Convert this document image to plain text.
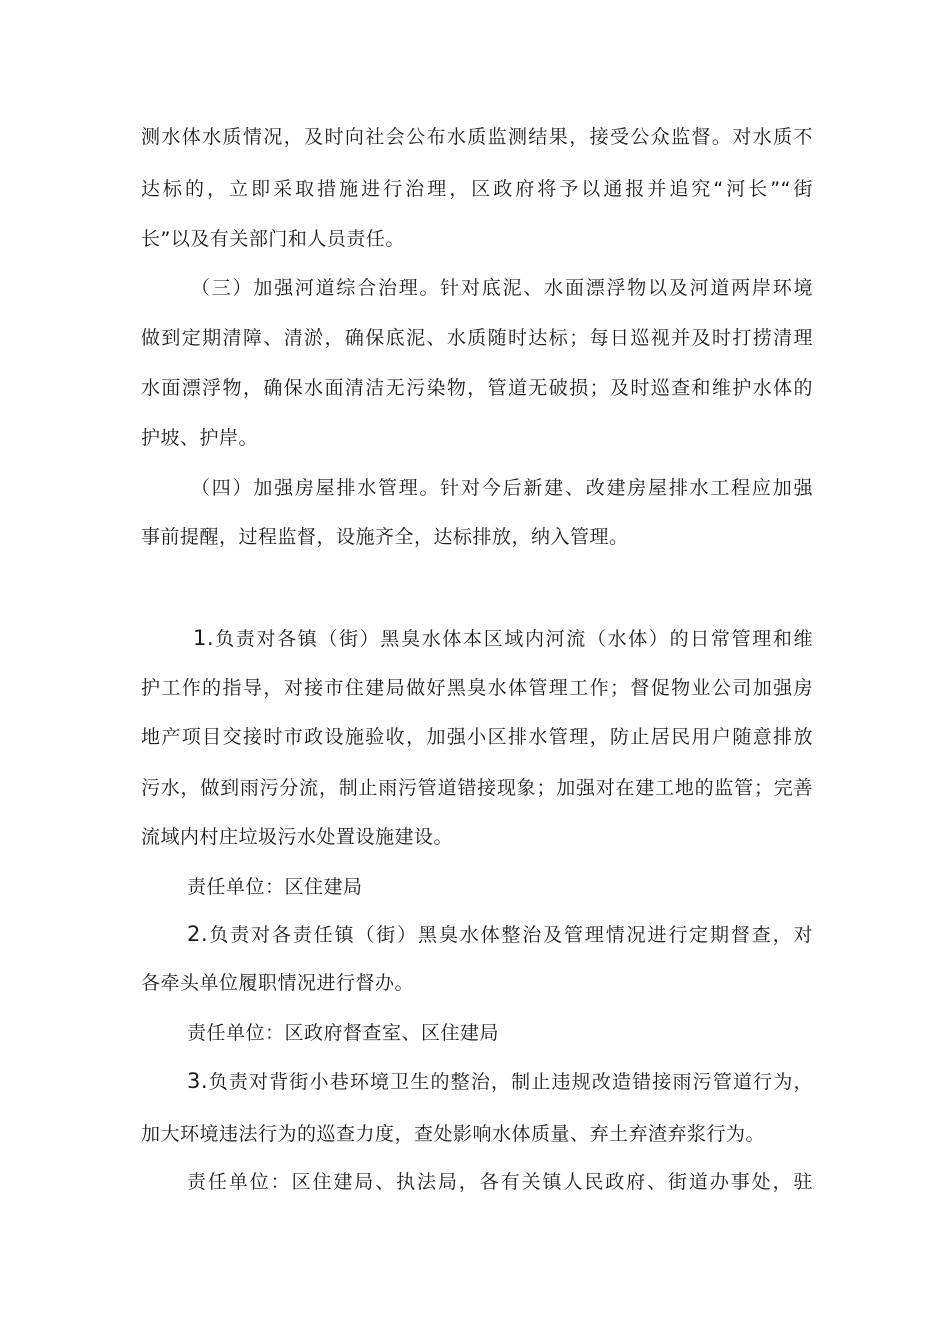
测水体水质情况，及时向社会公布水质监测结果，接受公众监督。对水质不
达标的，立即采取措施进行治理，区政府将予以通报并追究“河长”“街
长”以及有关部门和人员责任。
（三）加强河道综合治理。针对底泥、水面漂浮物以及河道两岸环境
做到定期清障、清淤，确保底泥、水质随时达标；每日巡视并及时打捞清理
水面漂浮物，确保水面清洁无污染物，管道无破损；及时巡查和维护水体的
护坡、护岸。
（四）加强房屋排水管理。针对今后新建、改建房屋排水工程应加强
事前提醒，过程监督，设施齐全，达标排放，纳入管理。
1.负责对各镇（街）黑臭水体本区域内河流（水体）的日常管理和维
护工作的指导，对接市住建局做好黑臭水体管理工作；督促物业公司加强房
地产项目交接时市政设施验收，加强小区排水管理，防止居民用户随意排放
污水，做到雨污分流，制止雨污管道错接现象；加强对在建工地的监管；完善
流域内村庄垃圾污水处置设施建设。
责任单位：区住建局
2.负责对各责任镇（街）黑臭水体整治及管理情况进行定期督查，对
各牵头单位履职情况进行督办。
责任单位：区政府督查室、区住建局
3.负责对背街小巷环境卫生的整治，制止违规改造错接雨污管道行为，
加大环境违法行为的巡查力度，查处影响水体质量、弃土弃渣弃浆行为。
责任单位：区住建局、执法局，各有关镇人民政府、街道办事处，驻
